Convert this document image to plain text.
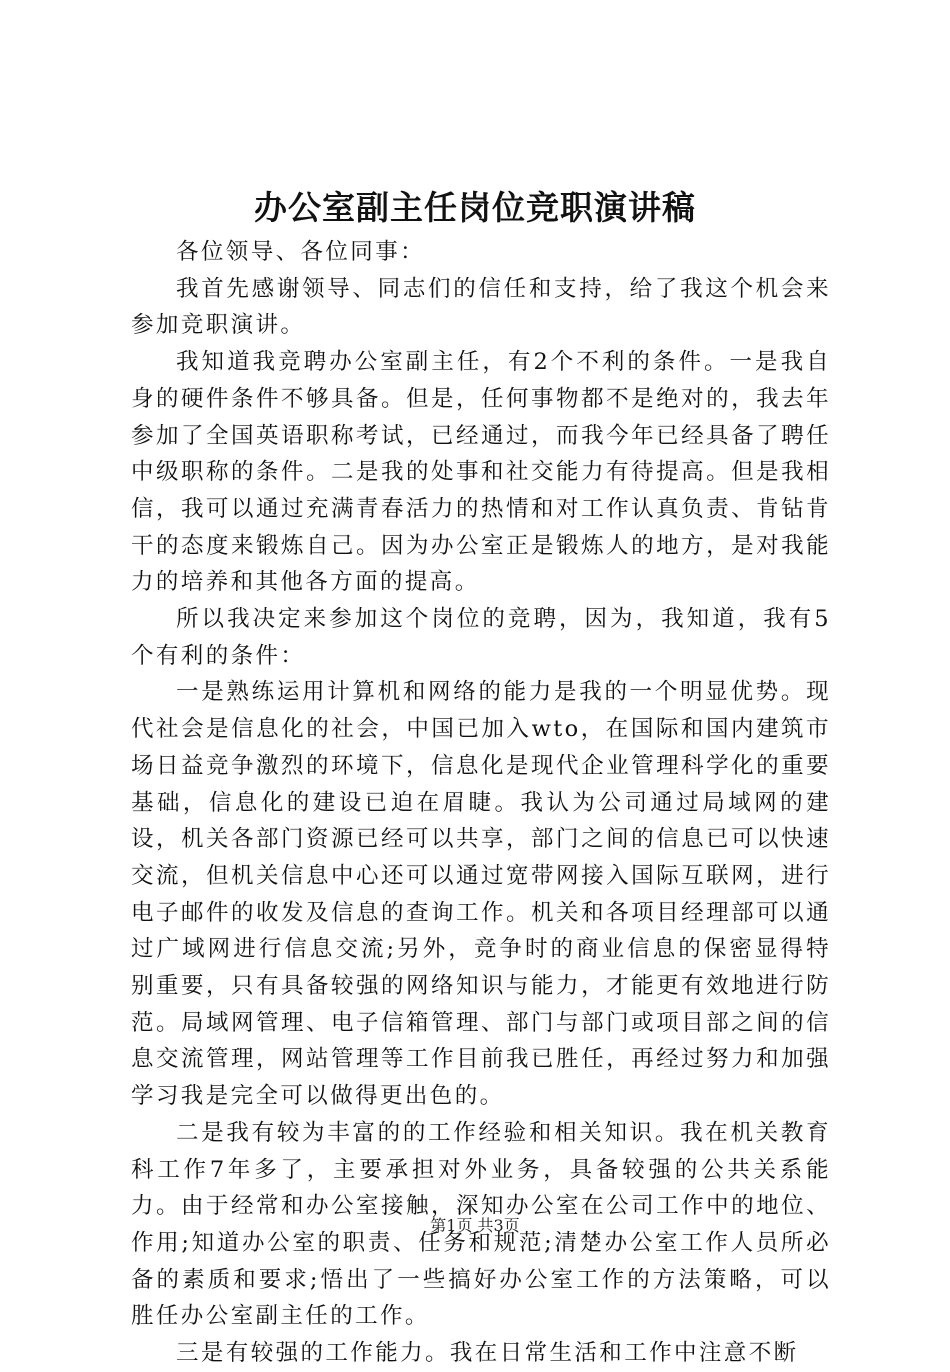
办公室副主任岗位竞职演讲稿

各位领导、各位同事：

我首先感谢领导、同志们的信任和支持，给了我这个机会来参加竞职演讲。

我知道我竞聘办公室副主任，有2个不利的条件。一是我自身的硬件条件不够具备。但是，任何事物都不是绝对的，我去年参加了全国英语职称考试，已经通过，而我今年已经具备了聘任中级职称的条件。二是我的处事和社交能力有待提高。但是我相信，我可以通过充满青春活力的热情和对工作认真负责、肯钻肯干的态度来锻炼自己。因为办公室正是锻炼人的地方，是对我能力的培养和其他各方面的提高。

所以我决定来参加这个岗位的竞聘，因为，我知道，我有5个有利的条件：

一是熟练运用计算机和网络的能力是我的一个明显优势。现代社会是信息化的社会，中国已加入wto，在国际和国内建筑市场日益竞争激烈的环境下，信息化是现代企业管理科学化的重要基础，信息化的建设已迫在眉睫。我认为公司通过局域网的建设，机关各部门资源已经可以共享，部门之间的信息已可以快速交流，但机关信息中心还可以通过宽带网接入国际互联网，进行电子邮件的收发及信息的查询工作。机关和各项目经理部可以通过广域网进行信息交流;另外，竞争时的商业信息的保密显得特别重要，只有具备较强的网络知识与能力，才能更有效地进行防范。局域网管理、电子信箱管理、部门与部门或项目部之间的信息交流管理，网站管理等工作目前我已胜任，再经过努力和加强学习我是完全可以做得更出色的。

二是我有较为丰富的的工作经验和相关知识。我在机关教育科工作7年多了，主要承担对外业务，具备较强的公共关系能力。由于经常和办公室接触，深知办公室在公司工作中的地位、作用;知道办公室的职责、任务和规范;清楚办公室工作人员所必备的素质和要求;悟出了一些搞好办公室工作的方法策略，可以胜任办公室副主任的工作。

三是有较强的工作能力。我在日常生活和工作中注意不断

第1页 共3页
